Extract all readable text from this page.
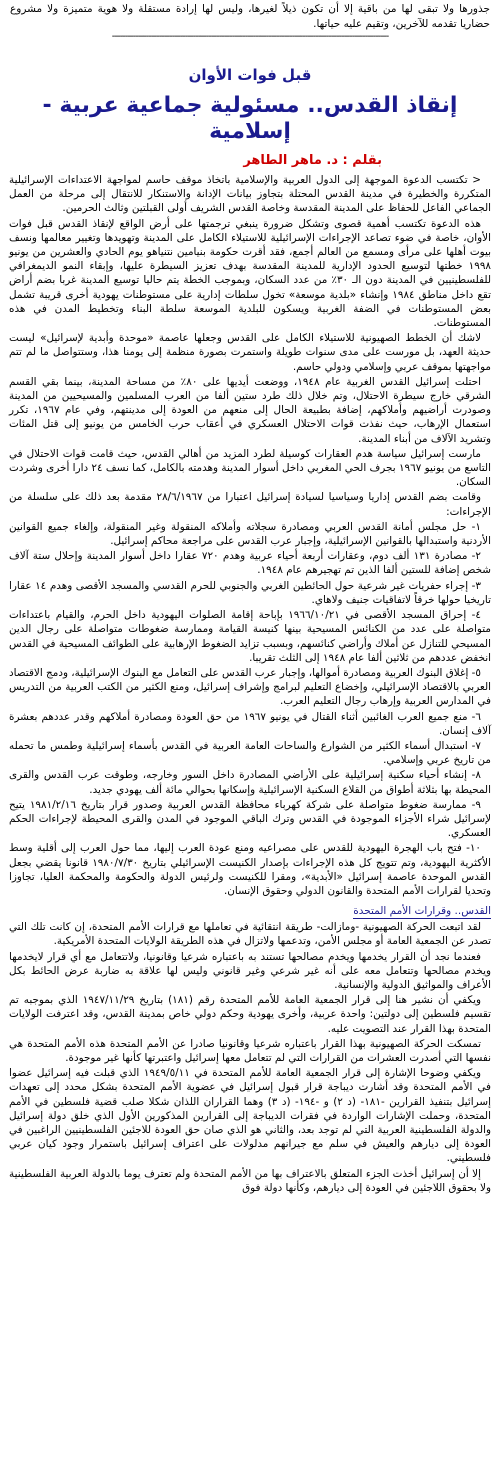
جذورها ولا تبقى لها من باقية إلا أن تكون ذيلاً لغيرها، وليس لها إرادة مستقلة ولا هوية متميزة ولا مشروع حضاريا تقدمه للآخرين، وتقيم عليه حياتها.
----------------------------------------------------------------------------------------------------------
قبل فوات الأوان
إنقاذ القدس.. مسئولية جماعية عربية - إسلامية
بقلم : د. ماهر الطاهر

< تكتسب الدعوة الموجهة إلى الدول العربية والإسلامية باتخاذ موقف حاسم لمواجهة الاعتداءات الإسرائيلية المتكررة والخطيرة في مدينة القدس المحتلة بتجاوز بيانات الإدانة والاستنكار للانتقال إلى مرحلة من العمل الجماعي الفاعل للحفاظ على المدينة المقدسة وخاصة القدس الشريف أولى القبلتين وثالث الحرمين.

هذه الدعوة تكتسب أهمية قصوى وتشكل ضرورة ينبغي ترجمتها على أرض الواقع لإنقاذ القدس قبل فوات الأوان، خاصة في ضوء تصاعد الإجراءات الإسرائيلية للاستيلاء الكامل على المدينة وتهويدها وتغيير معالمها ونسف بيوت أهلها على مرأى ومسمع من العالم أجمع، فقد أقرت حكومة بنيامين نتنياهو يوم الحادي والعشرين من يونيو ١٩٩٨ خطتها لتوسيع الحدود الإدارية للمدينة المقدسة بهدف تعزيز السيطرة عليها، وإبقاء النمو الديمغرافي للفلسطينيين في المدينة دون الـ ٣٠٪ من عدد السكان، وبموجب الخطة يتم حاليا توسيع المدينة غربا بضم أراض تقع داخل مناطق ١٩٨٤ وإنشاء «بلدية موسعة» تخول سلطات إدارية على مستوطنات يهودية أخرى قريبة تشمل بعض المستوطنات في الضفة الغربية ويسكون للبلدية الموسعة سلطة البناء وتخطيط المدن في هذه المستوطنات.

لاشك أن الخطط الصهيونية للاستيلاء الكامل على القدس وجعلها عاصمة «موحدة وأبدية لإسرائيل» ليست حديثة العهد، بل مورست على مدى سنوات طويلة واستمرت بصورة منظمة إلى يومنا هذا، وستتواصل ما لم تتم مواجهتها بموقف عربي وإسلامي ودولي حاسم.

احتلت إسرائيل القدس الغربية عام ١٩٤٨، ووضعت أيديها على ٨٠٪ من مساحة المدينة، بينما بقي القسم الشرقي خارج سيطرة الاحتلال، وتم خلال ذلك طرد ستين ألفا من العرب المسلمين والمسيحيين من المدينة وصودرت أراضيهم وأملاكهم، إضافة بطبيعة الحال إلى منعهم من العودة إلى مدينتهم، وفي عام ١٩٦٧، تكرر استعمال الإرهاب، حيث نفذت قوات الاحتلال العسكري في أعقاب حرب الخامس من يونيو إلى قتل المئات وتشريد الآلاف من أبناء المدينة.

مارست إسرائيل سياسة هدم العقارات كوسيلة لطرد المزيد من أهالي القدس، حيث قامت قوات الاحتلال في التاسع من يونيو ١٩٦٧ بجرف الحي المغربي داخل أسوار المدينة وهدمته بالكامل، كما نسف ٢٤ دارا أخرى وشردت السكان.

وقامت بضم القدس إداريا وسياسيا لسيادة إسرائيل اعتبارا من ٢٨/٦/١٩٦٧ مقدمة بعد ذلك على سلسلة من الإجراءات:

١- حل مجلس أمانة القدس العربي ومصادرة سجلاته وأملاكه المنقولة وغير المنقولة، وإلغاء جميع القوانين الأردنية واستبدالها بالقوانين الإسرائيلية، وإجبار عرب القدس على مراجعة محاكم إسرائيل.

٢- مصادرة ١٣١ ألف دوم، وعقارات أربعة أحياء عربية وهدم ٧٢٠ عقارا داخل أسوار المدينة وإحلال ستة آلاف شخص إضافة للستين ألفا الذين تم تهجيرهم عام ١٩٤٨.

٣- إجراء حفريات غير شرعية حول الحائطين الغربي والجنوبي للحرم القدسي والمسجد الأقصى وهدم ١٤ عقارا تاريخيا حولها خرقاً لاتفاقيات جنيف ولاهاي.

٤- إحراق المسجد الأقصى في ١٩٦٦/١٠/٢١ بإباحة إقامة الصلوات اليهودية داخل الحرم، والقيام باعتداءات متواصلة على عدد من الكنائس المسيحية بينها كنيسة القيامة وممارسة ضغوطات متواصلة على رجال الدين المسيحي للتنازل عن أملاك وأراضي كنائسهم، وبسبب تزايد الضغوط الإرهابية على الطوائف المسيحية في القدس انخفض عددهم من ثلاثين ألفا عام ١٩٤٨ إلى الثلث تقريبا.

٥- إغلاق البنوك العربية ومصادرة أموالها، وإجبار عرب القدس على التعامل مع البنوك الإسرائيلية، ودمج الاقتصاد العربي بالاقتصاد الإسرائيلي، وإخضاع التعليم لبرامج وإشراف إسرائيل، ومنع الكثير من الكتب العربية من التدريس في المدارس العربية وإرهاب رجال التعليم العرب.

٦- منع جميع العرب الغائبين أثناء القتال في يونيو ١٩٦٧ من حق العودة ومصادرة أملاكهم وقدر عددهم بعشرة آلاف إنسان.

٧- استبدال أسماء الكثير من الشوارع والساحات العامة العربية في القدس بأسماء إسرائيلية وطمس ما تحمله من تاريخ عربي وإسلامي.

٨- إنشاء أحياء سكنية إسرائيلية على الأراضي المصادرة داخل السور وخارجه، وطوقت عرب القدس والقرى المحيطة بها بثلاثة أطواق من القلاع السكنية الإسرائيلية وإسكانها بحوالي مائة ألف يهودي جديد.

٩- ممارسة ضغوط متواصلة على شركة كهرباء محافظة القدس العربية وصدور قرار بتاريخ ١٩٨١/٢/١٦ يتيح لإسرائيل شراء الأجزاء الموجودة في القدس وترك الباقي الموجود في المدن والقرى المحيطة لإجراءات الحكم العسكري.

١٠- فتح باب الهجرة اليهودية للقدس على مصراعيه ومنع عودة العرب إليها، مما حول العرب إلى أقلية وسط الأكثرية اليهودية، وتم تتويج كل هذه الإجراءات بإصدار الكنيست الإسرائيلي بتاريخ ١٩٨٠/٧/٣٠ قانونا يقضي بجعل القدس الموحدة عاصمة إسرائيل «الأبدية»، ومقرا للكنيست ولرئيس الدولة والحكومة والمحكمة العليا، تجاوزا وتحديا لقرارات الأمم المتحدة والقانون الدولي وحقوق الإنسان.

القدس.. وقرارات الأمم المتحدة

لقد اتبعت الحركة الصهيونية -ومازالت- طريقة انتقائية في تعاملها مع قرارات الأمم المتحدة، إن كانت تلك التي تصدر عن الجمعية العامة أو مجلس الأمن، وتدعمها ولاتزال في هذه الطريقة الولايات المتحدة الأمريكية.

فعندما نجد أن القرار يخدمها ويخدم مصالحها تستند به باعتباره شرعيا وقانونيا، ولاتتعامل مع أي قرار لايخدمها ويخدم مصالحها وتتعامل معه على أنه غير شرعي وغير قانوني وليس لها علاقة به ضاربة عرض الحائط بكل الأعراف والمواثيق الدولية والإنسانية.

ويكفي أن نشير هنا إلى قرار الجمعية العامة للأمم المتحدة رقم (١٨١) بتاريخ ١٩٤٧/١١/٢٩ الذي بموجبه تم تقسيم فلسطين إلى دولتين: واحدة عربية، وأخرى يهودية وحكم دولي خاص بمدينة القدس، وقد اعترفت الولايات المتحدة بهذا القرار عند التصويت عليه.

تمسكت الحركة الصهيونية بهذا القرار باعتباره شرعيا وقانونيا صادرا عن الأمم المتحدة هذه الأمم المتحدة هي نفسها التي أصدرت العشرات من القرارات التي لم تتعامل معها إسرائيل واعتبرتها كأنها غير موجودة.

ويكفي وضوحا الإشارة إلى قرار الجمعية العامة للأمم المتحدة في ١٩٤٩/٥/١١ الذي قبلت فيه إسرائيل عضوا في الأمم المتحدة وقد أشارت ديباجة قرار قبول إسرائيل في عضوية الأمم المتحدة بشكل محدد إلى تعهدات إسرائيل بتنفيذ القرارين -١٨١- (د ٢) و -١٩٤- (د ٣) وهما القراران اللذان شكلا صلب قضية فلسطين في الأمم المتحدة، وحملت الإشارات الواردة في فقرات الديباجة إلى القرارين المذكورين الأول الذي خلق دولة إسرائيل والدولة الفلسطينية العربية التي لم توجد بعد، والثاني هو الذي صان حق العودة للاجئين الفلسطينيين الراغبين في العودة إلى ديارهم والعيش في سلم مع جيرانهم مدلولات على اعتراف إسرائيل باستمرار وجود كيان عربي فلسطيني.

إلا أن إسرائيل أخذت الجزء المتعلق بالاعتراف بها من الأمم المتحدة ولم تعترف يوما بالدولة العربية الفلسطينية ولا بحقوق اللاجئين في العودة إلى ديارهم، وكأنها دولة فوق
